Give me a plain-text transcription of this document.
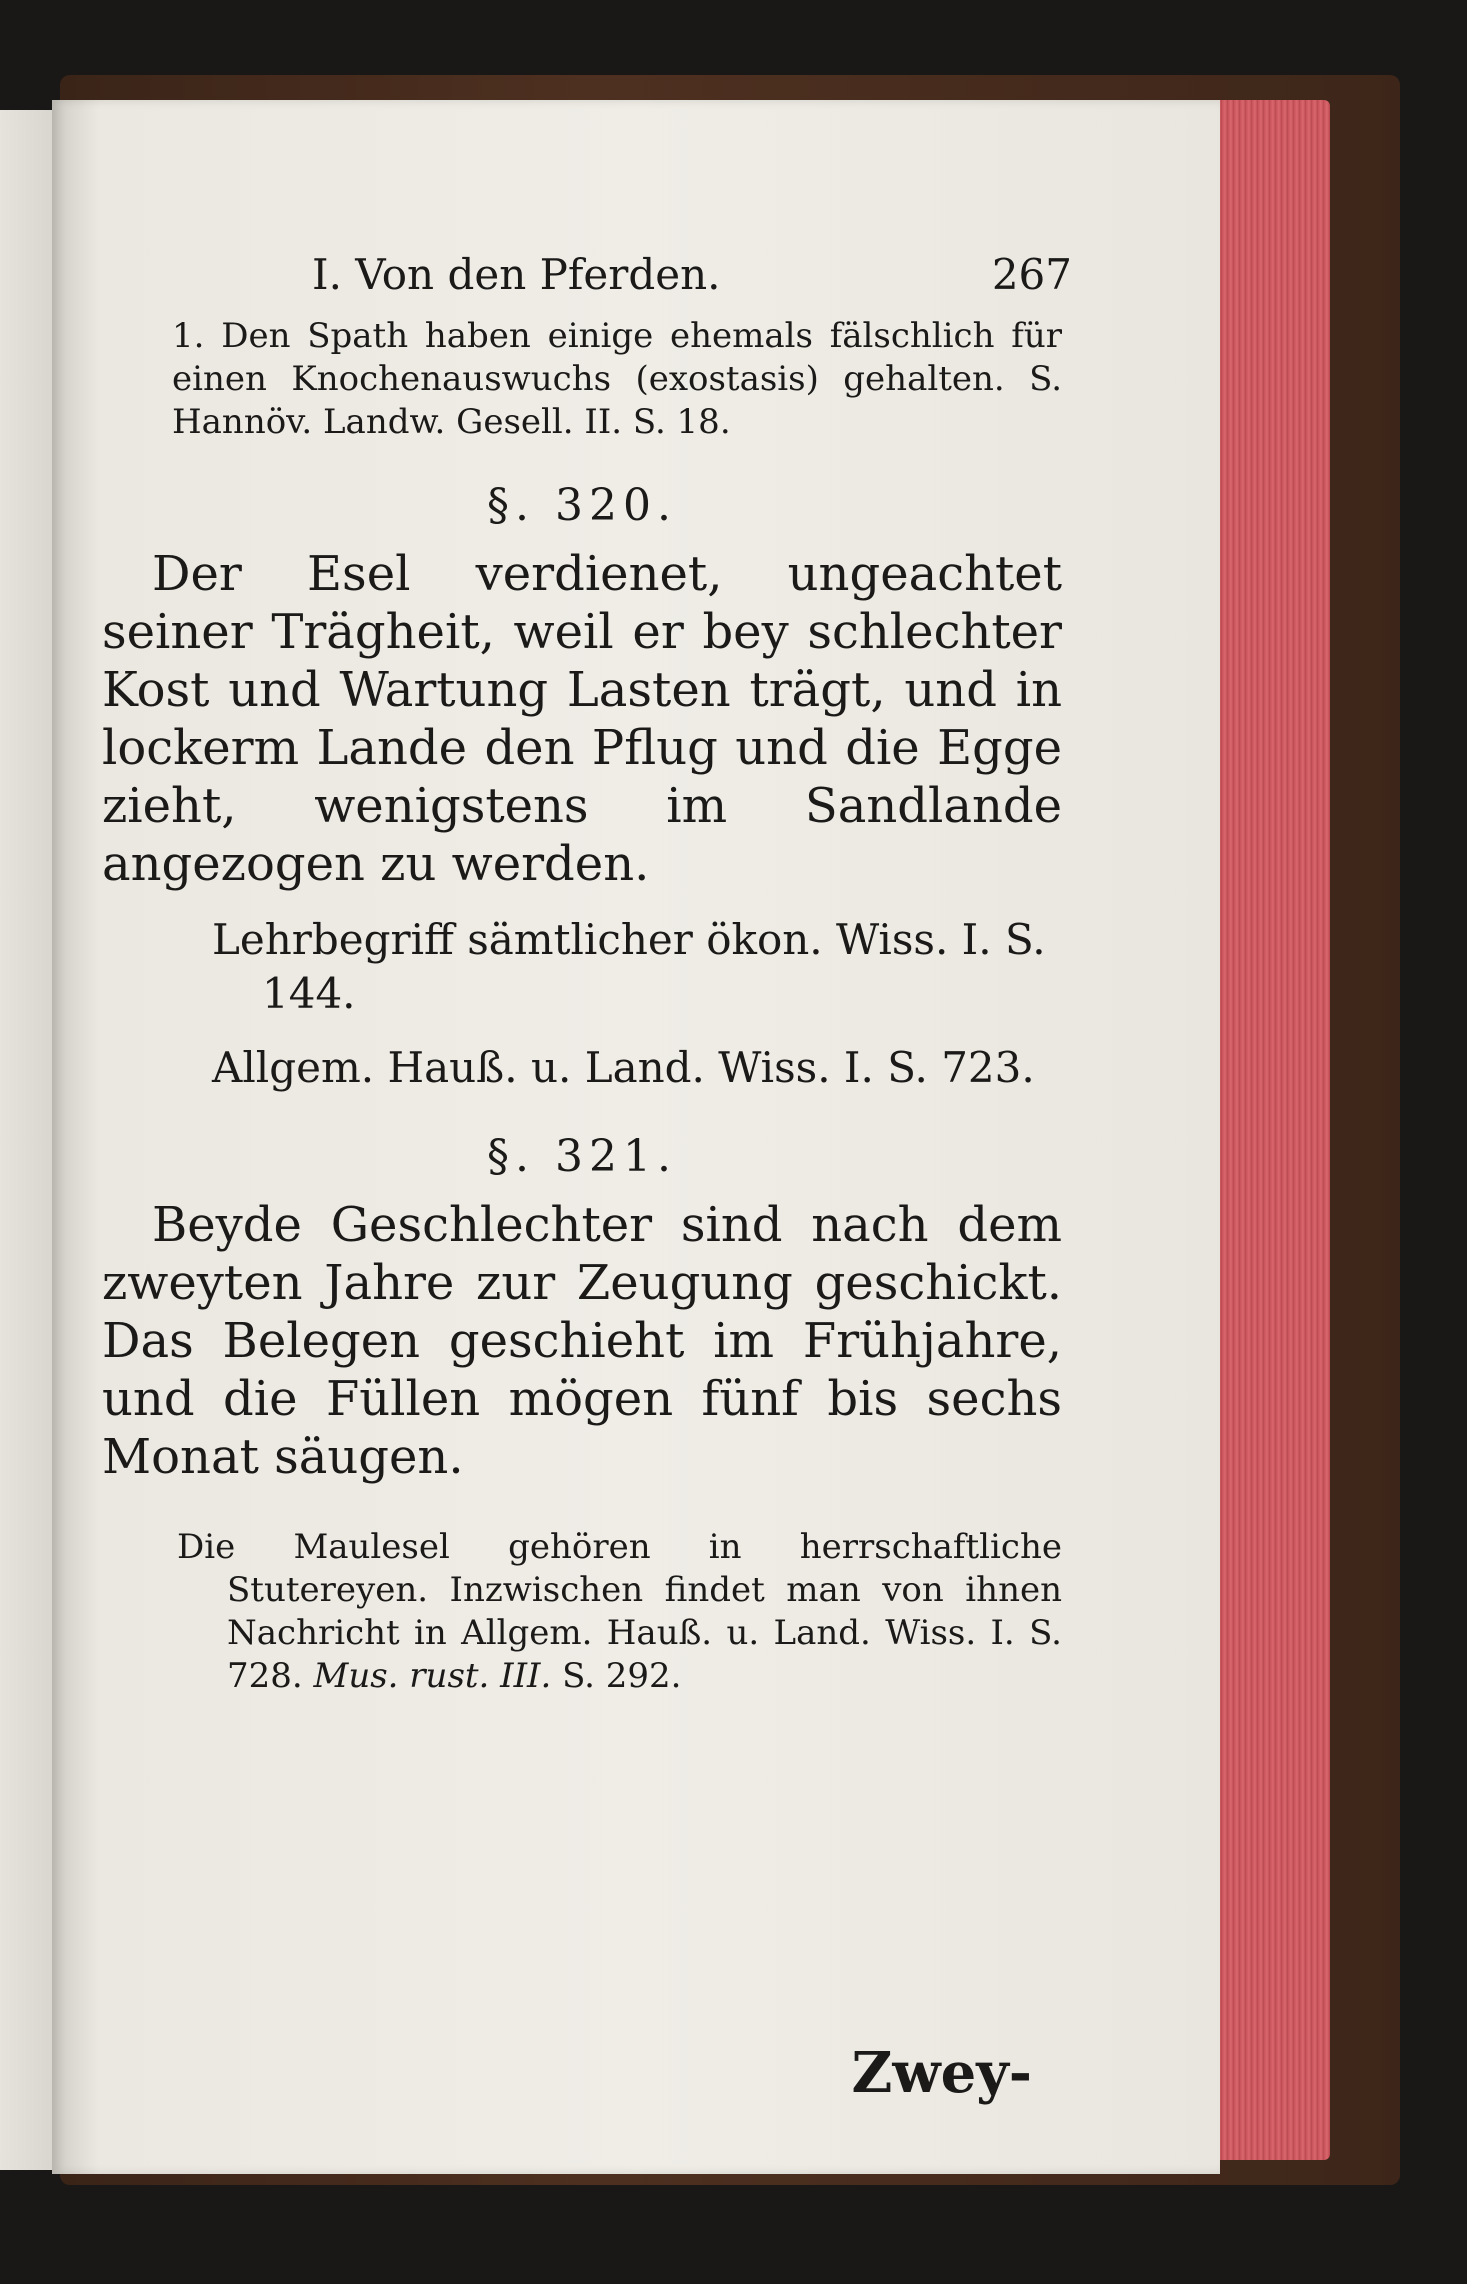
I. Von den Pferden.	267

1. Den Spath haben einige ehemals fälschlich für einen Knochenauswuchs (exostasis) gehalten. S. Hannöv. Landw. Gesell. II. S. 18.

§. 320.

Der Esel verdienet, ungeachtet seiner Trägheit, weil er bey schlechter Kost und Wartung Lasten trägt, und in lockerm Lande den Pflug und die Egge zieht, wenigstens im Sandlande angezogen zu werden.

Lehrbegriff sämtlicher ökon. Wiss. I. S. 144.

Allgem. Hauß. u. Land. Wiss. I. S. 723.

§. 321.

Beyde Geschlechter sind nach dem zweyten Jahre zur Zeugung geschickt. Das Belegen geschieht im Frühjahre, und die Füllen mögen fünf bis sechs Monat säugen.

Die Maulesel gehören in herrschaftliche Stutereyen. Inzwischen findet man von ihnen Nachricht in Allgem. Hauß. u. Land. Wiss. I. S. 728. Mus. rust. III. S. 292.

Zwey-
